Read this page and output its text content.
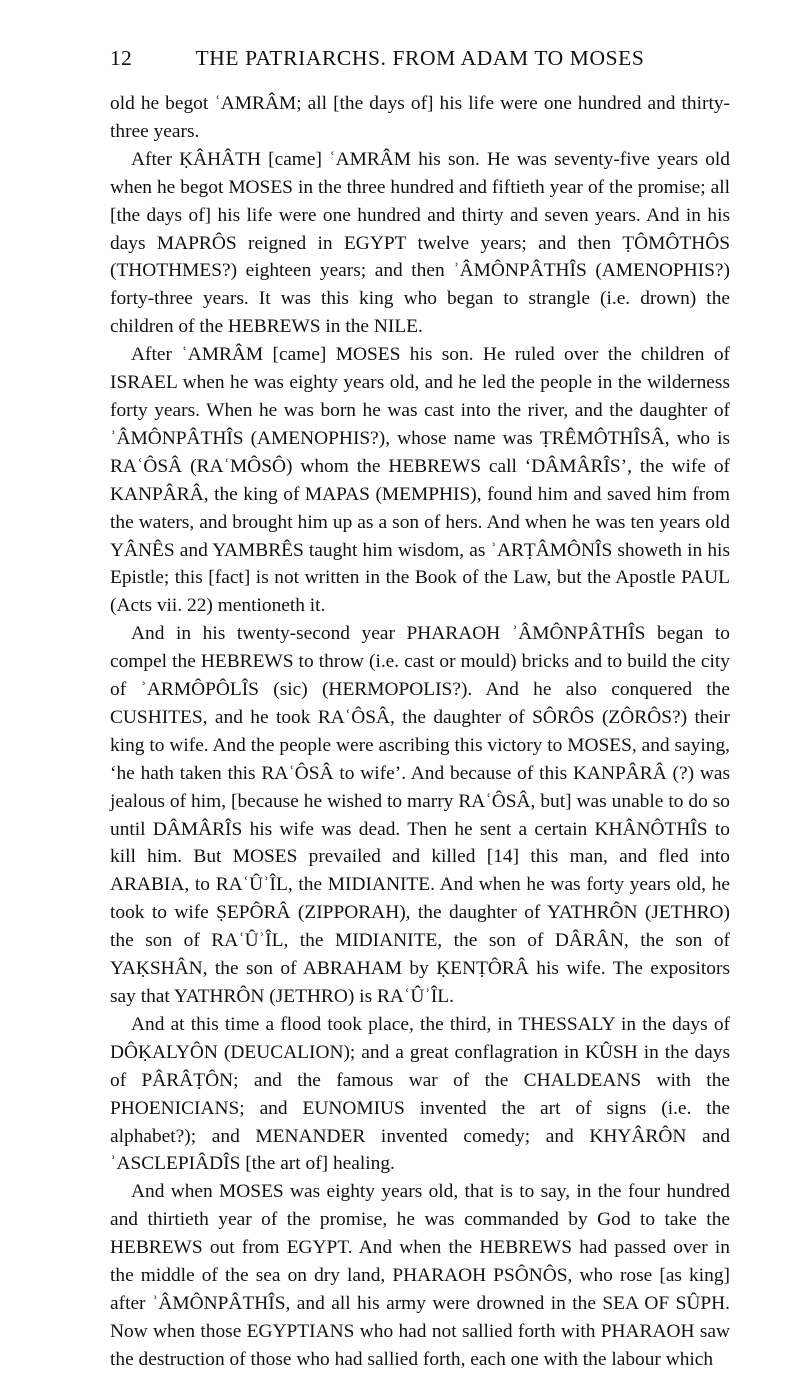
12	THE PATRIARCHS. FROM ADAM TO MOSES

old he begot ʿAMRÂM; all [the days of] his life were one hundred and thirty-three years.

After ḲÂHÂTH [came] ʿAMRÂM his son. He was seventy-five years old when he begot MOSES in the three hundred and fiftieth year of the promise; all [the days of] his life were one hundred and thirty and seven years. And in his days MAPRÔS reigned in EGYPT twelve years; and then ṬÔMÔTHÔS (THOTHMES?) eighteen years; and then ʾÂMÔNPÂTHÎS (AMENOPHIS?) forty-three years. It was this king who began to strangle (i.e. drown) the children of the HEBREWS in the NILE.

After ʿAMRÂM [came] MOSES his son. He ruled over the children of ISRAEL when he was eighty years old, and he led the people in the wilderness forty years. When he was born he was cast into the river, and the daughter of ʾÂMÔNPÂTHÎS (AMENOPHIS?), whose name was ṬRÊMÔTHÎSÂ, who is RAʿÔSÂ (RAʿMÔSÔ) whom the HEBREWS call ʻDÂMÂRÎSʼ, the wife of KANPÂRÂ, the king of MAPAS (MEMPHIS), found him and saved him from the waters, and brought him up as a son of hers. And when he was ten years old YÂNÊS and YAMBRÊS taught him wisdom, as ʾARṬÂMÔNÎS showeth in his Epistle; this [fact] is not written in the Book of the Law, but the Apostle PAUL (Acts vii. 22) mentioneth it.

And in his twenty-second year PHARAOH ʾÂMÔNPÂTHÎS began to compel the HEBREWS to throw (i.e. cast or mould) bricks and to build the city of ʾARMÔPÔLÎS (sic) (HERMOPOLIS?). And he also conquered the CUSHITES, and he took RAʿÔSÂ, the daughter of SÔRÔS (ZÔRÔS?) their king to wife. And the people were ascribing this victory to MOSES, and saying, ʻhe hath taken this RAʿÔSÂ to wifeʼ. And because of this KANPÂRÂ (?) was jealous of him, [because he wished to marry RAʿÔSÂ, but] was unable to do so until DÂMÂRÎS his wife was dead. Then he sent a certain KHÂNÔTHÎS to kill him. But MOSES prevailed and killed [14] this man, and fled into ARABIA, to RAʿÛʾÎL, the MIDIANITE. And when he was forty years old, he took to wife ṢEPÔRÂ (ZIPPORAH), the daughter of YATHRÔN (JETHRO) the son of RAʿÛʾÎL, the MIDIANITE, the son of DÂRÂN, the son of YAḲSHÂN, the son of ABRAHAM by ḲENṬÔRÂ his wife. The expositors say that YATHRÔN (JETHRO) is RAʿÛʾÎL.

And at this time a flood took place, the third, in THESSALY in the days of DÔḲALYÔN (DEUCALION); and a great conflagration in KÛSH in the days of PÂRÂṬÔN; and the famous war of the CHALDEANS with the PHOENICIANS; and EUNOMIUS invented the art of signs (i.e. the alphabet?); and MENANDER invented comedy; and KHYÂRÔN and ʾASCLEPIÂDÎS [the art of] healing.

And when MOSES was eighty years old, that is to say, in the four hundred and thirtieth year of the promise, he was commanded by God to take the HEBREWS out from EGYPT. And when the HEBREWS had passed over in the middle of the sea on dry land, PHARAOH PSÔNÔS, who rose [as king] after ʾÂMÔNPÂTHÎS, and all his army were drowned in the SEA OF SÛPH. Now when those EGYPTIANS who had not sallied forth with PHARAOH saw the destruction of those who had sallied forth, each one with the labour which
